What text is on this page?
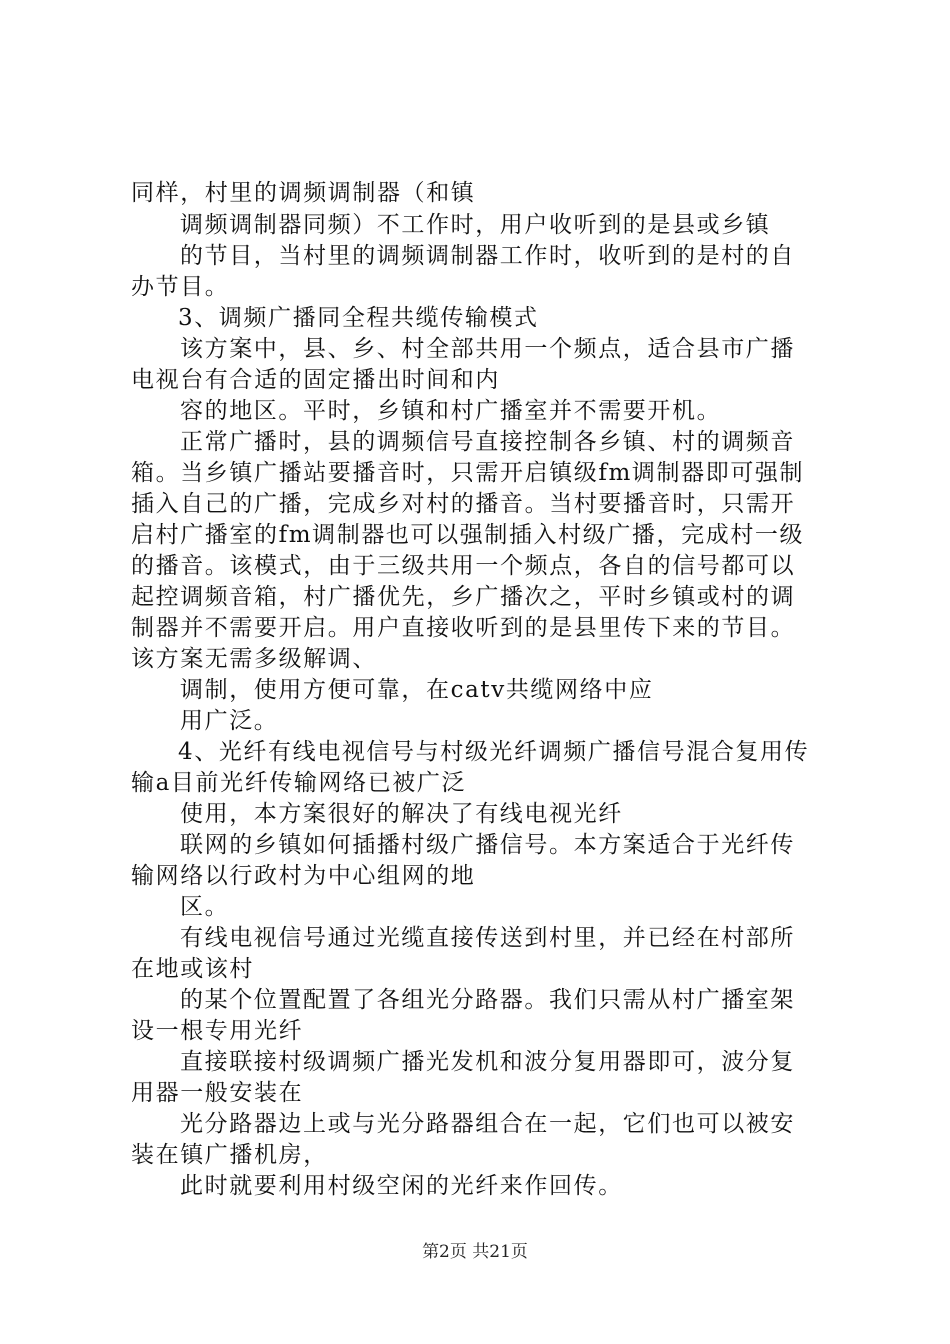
同样，村里的调频调制器（和镇
调频调制器同频）不工作时，用户收听到的是县或乡镇
的节目，当村里的调频调制器工作时，收听到的是村的自
办节目。
3、调频广播同全程共缆传输模式
该方案中，县、乡、村全部共用一个频点，适合县市广播
电视台有合适的固定播出时间和内
容的地区。平时，乡镇和村广播室并不需要开机。
正常广播时，县的调频信号直接控制各乡镇、村的调频音
箱。当乡镇广播站要播音时，只需开启镇级fm调制器即可强制
插入自己的广播，完成乡对村的播音。当村要播音时，只需开
启村广播室的fm调制器也可以强制插入村级广播，完成村一级
的播音。该模式，由于三级共用一个频点，各自的信号都可以
起控调频音箱，村广播优先，乡广播次之，平时乡镇或村的调
制器并不需要开启。用户直接收听到的是县里传下来的节目。
该方案无需多级解调、
调制，使用方便可靠，在catv共缆网络中应
用广泛。
4、光纤有线电视信号与村级光纤调频广播信号混合复用传
输a目前光纤传输网络已被广泛
使用，本方案很好的解决了有线电视光纤
联网的乡镇如何插播村级广播信号。本方案适合于光纤传
输网络以行政村为中心组网的地
区。
有线电视信号通过光缆直接传送到村里，并已经在村部所
在地或该村
的某个位置配置了各组光分路器。我们只需从村广播室架
设一根专用光纤
直接联接村级调频广播光发机和波分复用器即可，波分复
用器一般安装在
光分路器边上或与光分路器组合在一起，它们也可以被安
装在镇广播机房，
此时就要利用村级空闲的光纤来作回传。
第2页 共21页
